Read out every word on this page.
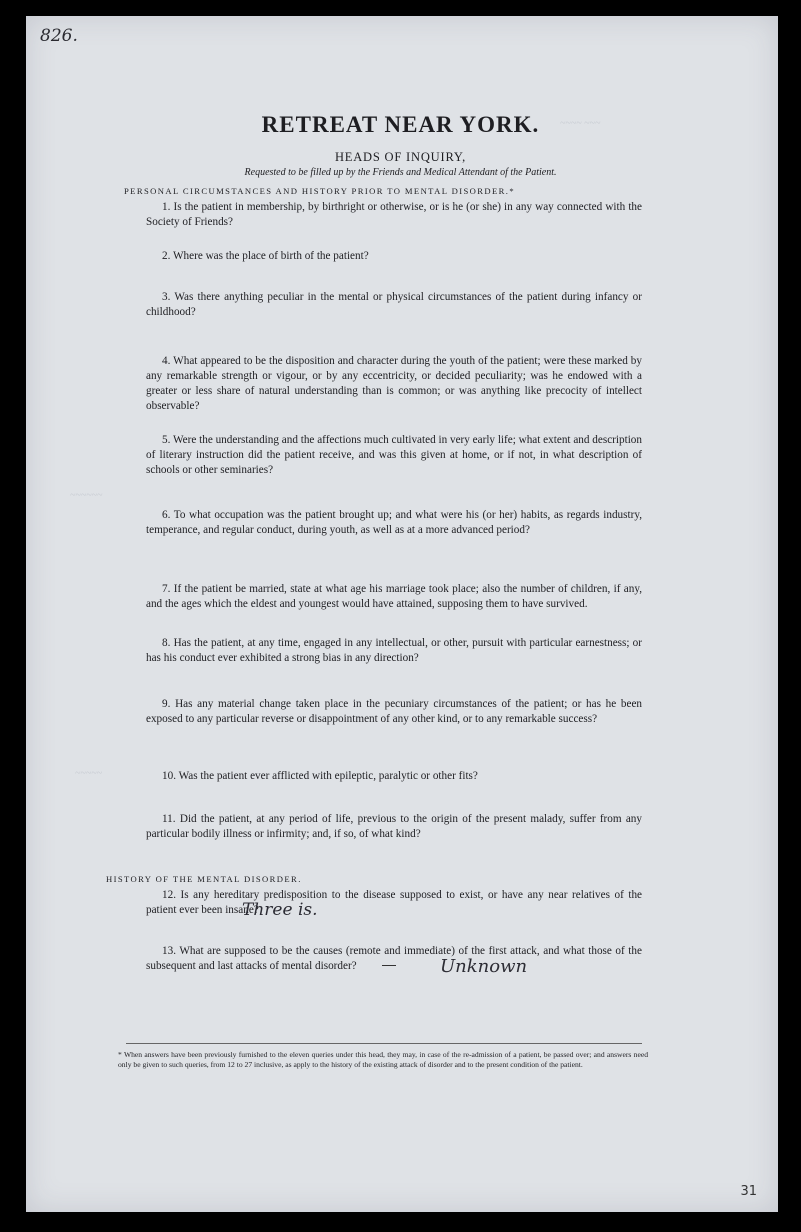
~~~~ ~~~
~~~~~~
~~~~~
826.
31
RETREAT NEAR YORK.
HEADS OF INQUIRY,
Requested to be filled up by the Friends and Medical Attendant of the Patient.
PERSONAL CIRCUMSTANCES AND HISTORY PRIOR TO MENTAL DISORDER.*
1. Is the patient in membership, by birthright or otherwise, or is he (or she) in any way connected with the Society of Friends?
2. Where was the place of birth of the patient?
3. Was there anything peculiar in the mental or physical circumstances of the patient during infancy or childhood?
4. What appeared to be the disposition and character during the youth of the patient; were these marked by any remarkable strength or vigour, or by any eccentricity, or decided peculiarity; was he endowed with a greater or less share of natural understanding than is common; or was anything like precocity of intellect observable?
5. Were the understanding and the affections much cultivated in very early life; what extent and description of literary instruction did the patient receive, and was this given at home, or if not, in what description of schools or other seminaries?
6. To what occupation was the patient brought up; and what were his (or her) habits, as regards industry, temperance, and regular conduct, during youth, as well as at a more advanced period?
7. If the patient be married, state at what age his marriage took place; also the number of children, if any, and the ages which the eldest and youngest would have attained, supposing them to have survived.
8. Has the patient, at any time, engaged in any intellectual, or other, pursuit with particular earnestness; or has his conduct ever exhibited a strong bias in any direction?
9. Has any material change taken place in the pecuniary circumstances of the patient; or has he been exposed to any particular reverse or disappointment of any other kind, or to any remarkable success?
10. Was the patient ever afflicted with epileptic, paralytic or other fits?
11. Did the patient, at any period of life, previous to the origin of the present malady, suffer from any particular bodily illness or infirmity; and, if so, of what kind?
HISTORY OF THE MENTAL DISORDER.
12. Is any hereditary predisposition to the disease supposed to exist, or have any near relatives of the patient ever been insane?
Three is.
13. What are supposed to be the causes (remote and immediate) of the first attack, and what those of the subsequent and last attacks of mental disorder?	Unknown
* When answers have been previously furnished to the eleven queries under this head, they may, in case of the re-admission of a patient, be passed over; and answers need only be given to such queries, from 12 to 27 inclusive, as apply to the history of the existing attack of disorder and to the present condition of the patient.
